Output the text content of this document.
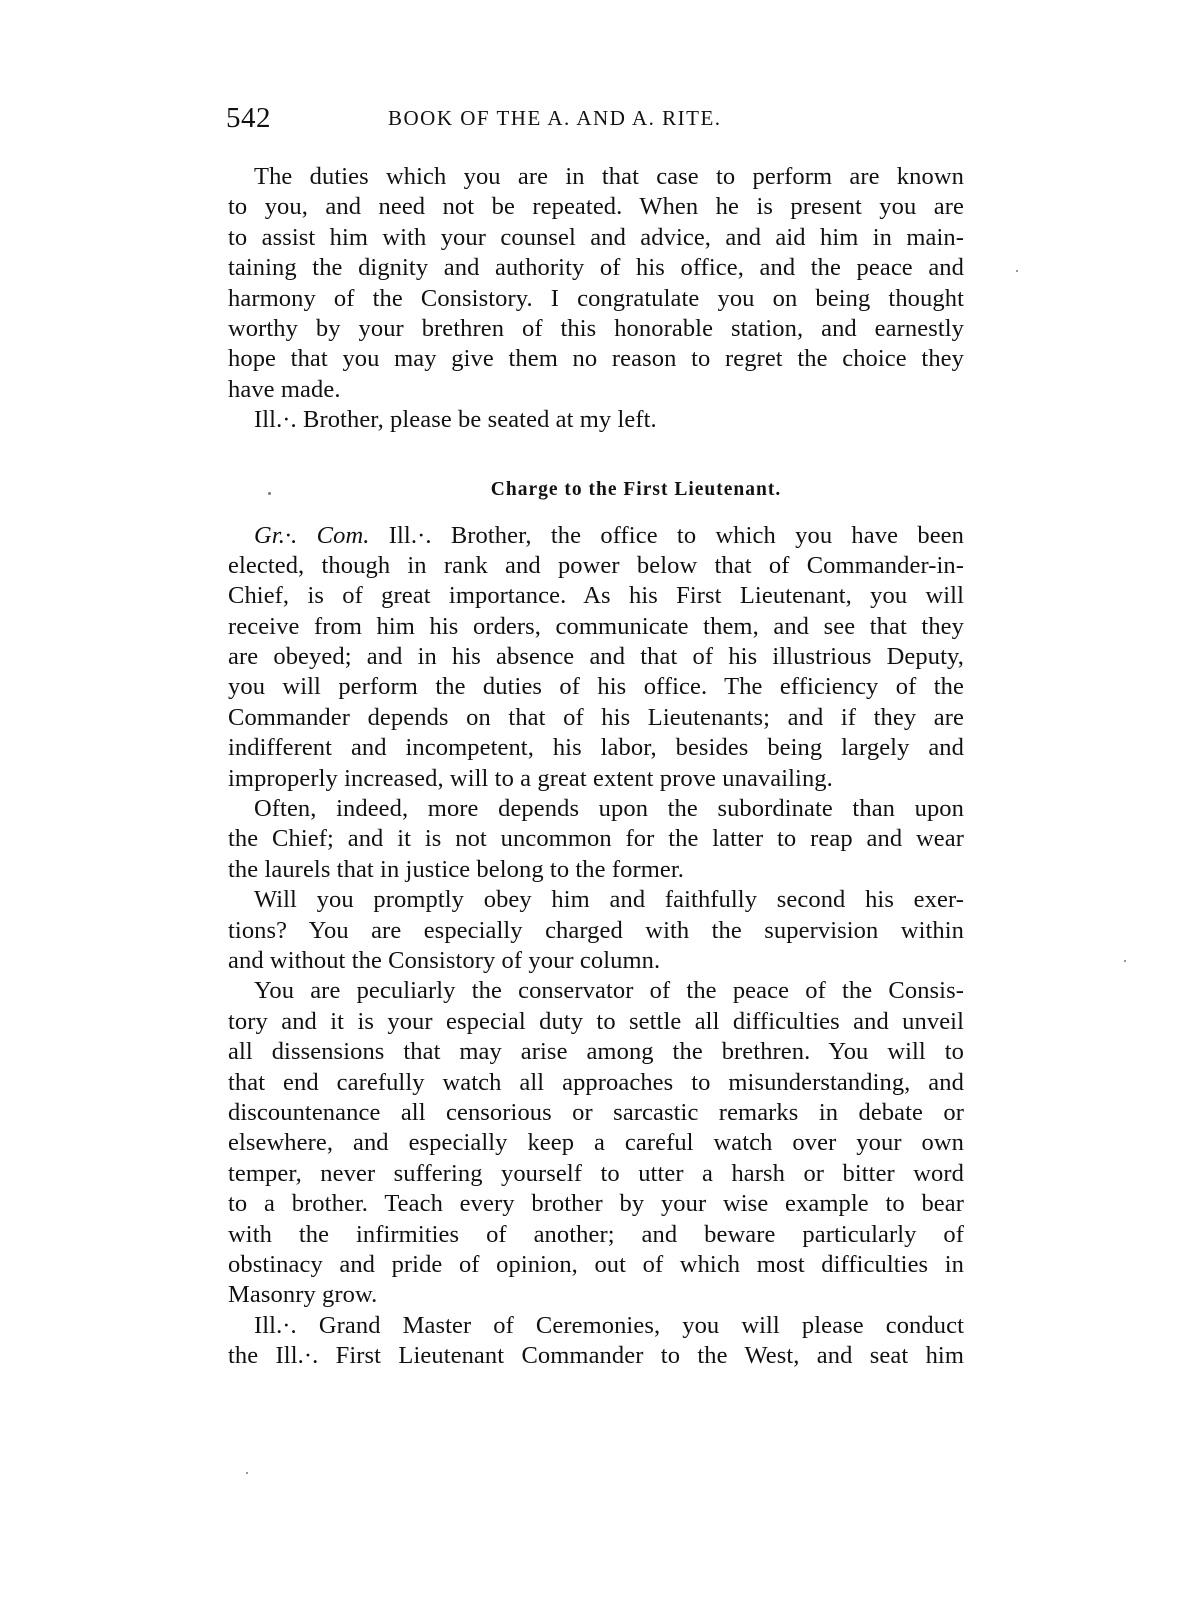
542	BOOK OF THE A. AND A. RITE.
The duties which you are in that case to perform are known
to you, and need not be repeated. When he is present you are
to assist him with your counsel and advice, and aid him in main-
taining the dignity and authority of his office, and the peace and
harmony of the Consistory. I congratulate you on being thought
worthy by your brethren of this honorable station, and earnestly
hope that you may give them no reason to regret the choice they
have made.
Ill.·. Brother, please be seated at my left.
Charge to the First Lieutenant.
Gr.·. Com. Ill.·. Brother, the office to which you have been
elected, though in rank and power below that of Commander-in-
Chief, is of great importance. As his First Lieutenant, you will
receive from him his orders, communicate them, and see that they
are obeyed; and in his absence and that of his illustrious Deputy,
you will perform the duties of his office. The efficiency of the
Commander depends on that of his Lieutenants; and if they are
indifferent and incompetent, his labor, besides being largely and
improperly increased, will to a great extent prove unavailing.
Often, indeed, more depends upon the subordinate than upon
the Chief; and it is not uncommon for the latter to reap and wear
the laurels that in justice belong to the former.
Will you promptly obey him and faithfully second his exer-
tions? You are especially charged with the supervision within
and without the Consistory of your column.
You are peculiarly the conservator of the peace of the Consis-
tory and it is your especial duty to settle all difficulties and unveil
all dissensions that may arise among the brethren. You will to
that end carefully watch all approaches to misunderstanding, and
discountenance all censorious or sarcastic remarks in debate or
elsewhere, and especially keep a careful watch over your own
temper, never suffering yourself to utter a harsh or bitter word
to a brother. Teach every brother by your wise example to bear
with the infirmities of another; and beware particularly of
obstinacy and pride of opinion, out of which most difficulties in
Masonry grow.
Ill.·. Grand Master of Ceremonies, you will please conduct
the Ill.·. First Lieutenant Commander to the West, and seat him
